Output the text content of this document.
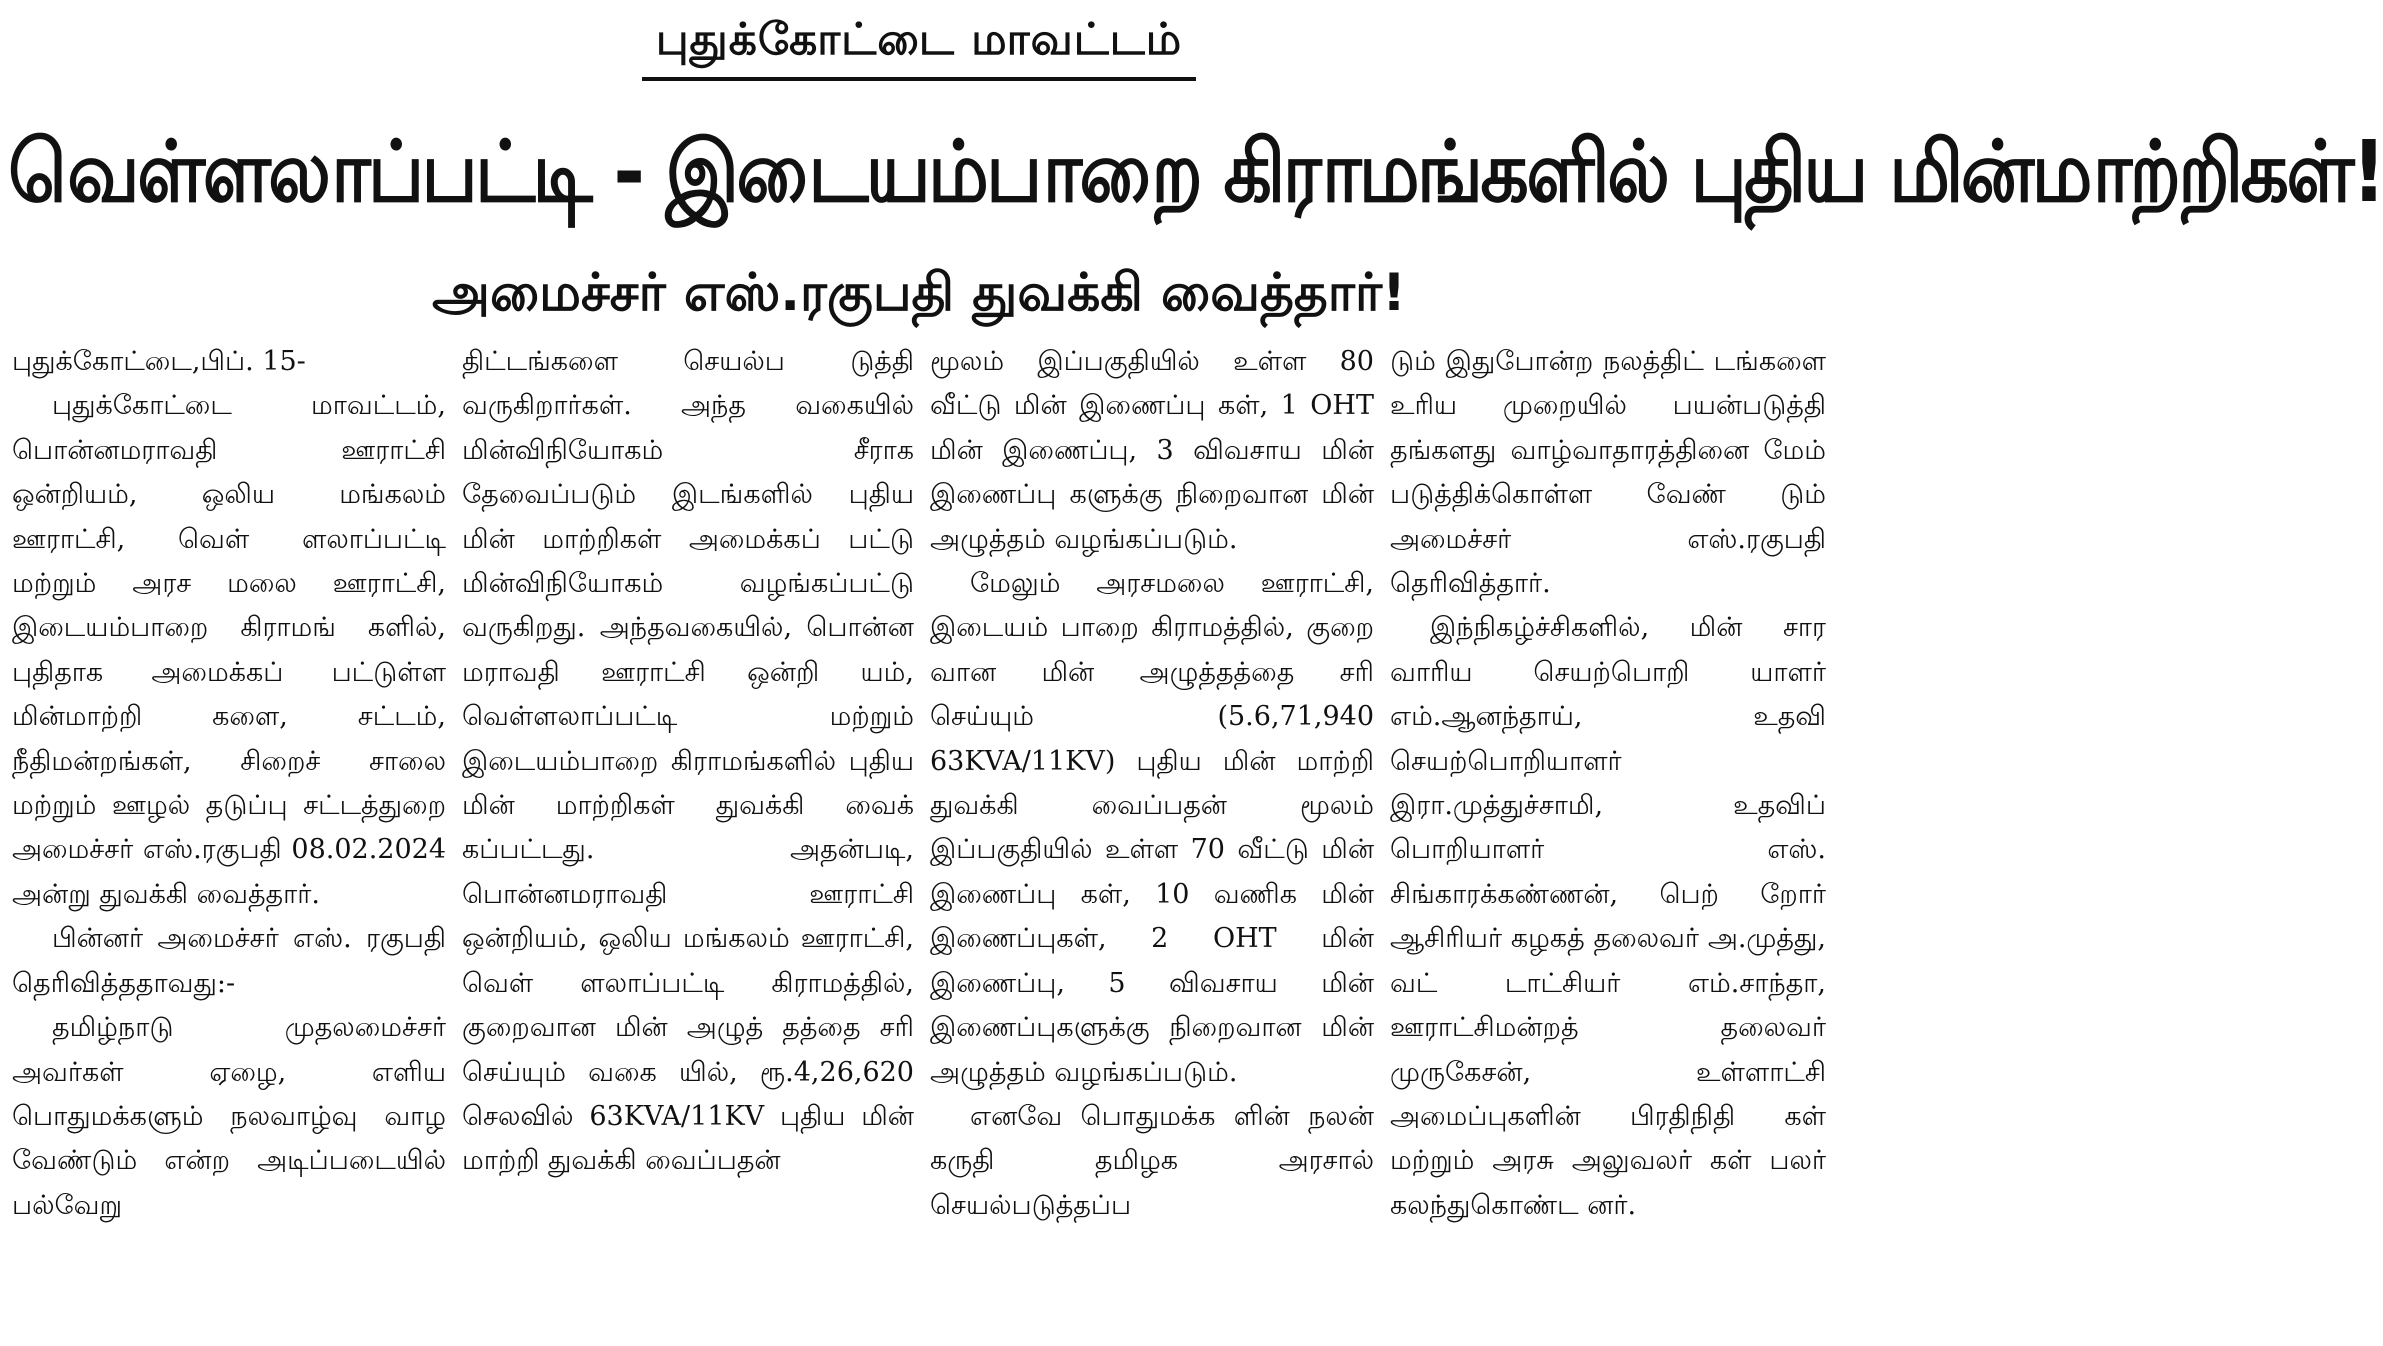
புதுக்கோட்டை மாவட்டம்
வெள்ளலாப்பட்டி - இடையம்பாறை கிராமங்களில் புதிய மின்மாற்றிகள்!
அமைச்சர் எஸ்.ரகுபதி துவக்கி வைத்தார்!

புதுக்கோட்டை,பிப். 15-

புதுக்கோட்டை மாவட்டம், பொன்னமராவதி ஊராட்சி ஒன்றியம், ஒலிய மங்கலம் ஊராட்சி, வெள் ளலாப்பட்டி மற்றும் அரச மலை ஊராட்சி, இடையம்பாறை கிராமங் களில், புதிதாக அமைக்கப் பட்டுள்ள மின்மாற்றி களை, சட்டம், நீதிமன்றங்கள், சிறைச் சாலை மற்றும் ஊழல் தடுப்பு சட்டத்துறை அமைச்சர் எஸ்.ரகுபதி 08.02.2024 அன்று துவக்கி வைத்தார்.

பின்னர் அமைச்சர் எஸ். ரகுபதி தெரிவித்ததாவது:-

தமிழ்நாடு முதலமைச்சர் அவர்கள் ஏழை, எளிய பொதுமக்களும் நலவாழ்வு வாழ வேண்டும் என்ற அடிப்படையில் பல்வேறு

திட்டங்களை செயல்ப டுத்தி வருகிறார்கள். அந்த வகையில் மின்விநியோகம் சீராக தேவைப்படும் இடங்களில் புதிய மின் மாற்றிகள் அமைக்கப் பட்டு மின்விநியோகம் வழங்கப்பட்டு வருகிறது. அந்தவகையில், பொன்ன மராவதி ஊராட்சி ஒன்றி யம், வெள்ளலாப்பட்டி மற்றும் இடையம்பாறை கிராமங்களில் புதிய மின் மாற்றிகள் துவக்கி வைக் கப்பட்டது. அதன்படி, பொன்னமராவதி ஊராட்சி ஒன்றியம், ஒலிய மங்கலம் ஊராட்சி, வெள் ளலாப்பட்டி கிராமத்தில், குறைவான மின் அழுத் தத்தை சரி செய்யும் வகை யில், ரூ.4,26,620 செலவில் 63KVA/11KV புதிய மின் மாற்றி துவக்கி வைப்பதன்

மூலம் இப்பகுதியில் உள்ள 80 வீட்டு மின் இணைப்பு கள், 1 OHT மின் இணைப்பு, 3 விவசாய மின் இணைப்பு களுக்கு நிறைவான மின் அழுத்தம் வழங்கப்படும்.

மேலும் அரசமலை ஊராட்சி, இடையம் பாறை கிராமத்தில், குறை வான மின் அழுத்தத்தை சரி செய்யும் (5.6,71,940 63KVA/11KV) புதிய மின் மாற்றி துவக்கி வைப்பதன் மூலம் இப்பகுதியில் உள்ள 70 வீட்டு மின் இணைப்பு கள், 10 வணிக மின் இணைப்புகள், 2 OHT மின் இணைப்பு, 5 விவசாய மின் இணைப்புகளுக்கு நிறைவான மின் அழுத்தம் வழங்கப்படும்.

எனவே பொதுமக்க ளின் நலன் கருதி தமிழக அரசால் செயல்படுத்தப்ப

டும் இதுபோன்ற நலத்திட் டங்களை உரிய முறையில் பயன்படுத்தி தங்களது வாழ்வாதாரத்தினை மேம் படுத்திக்கொள்ள வேண் டும் அமைச்சர் எஸ்.ரகுபதி தெரிவித்தார்.

இந்நிகழ்ச்சிகளில், மின் சார வாரிய செயற்பொறி யாளர் எம்.ஆனந்தாய், உதவி செயற்பொறியாளர் இரா.முத்துச்சாமி, உதவிப் பொறியாளர் எஸ். சிங்காரக்கண்ணன், பெற் றோர் ஆசிரியர் கழகத் தலைவர் அ.முத்து, வட் டாட்சியர் எம்.சாந்தா, ஊராட்சிமன்றத் தலைவர் முருகேசன், உள்ளாட்சி அமைப்புகளின் பிரதிநிதி கள் மற்றும் அரசு அலுவலர் கள் பலர் கலந்துகொண்ட னர்.
